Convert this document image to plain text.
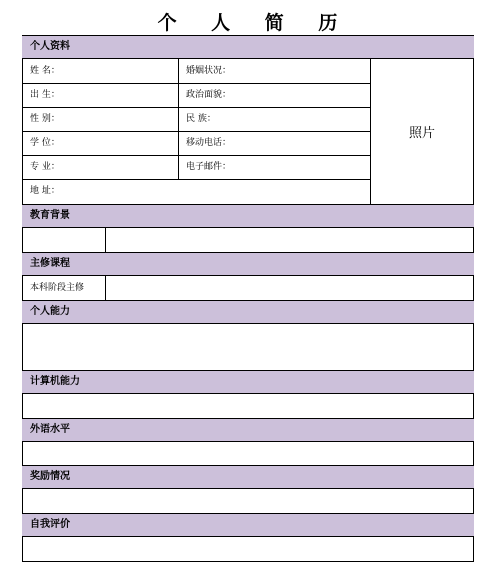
个 人 简 历
个人资料
教育背景
主修课程
个人能力
计算机能力
外语水平
奖励情况
自我评价
姓 名：	婚姻状况：
出 生：	政治面貌：
性 别：	民 族：
学 位：	移动电话：
专 业：	电子邮件：
地 址：
照片
本科阶段主修
